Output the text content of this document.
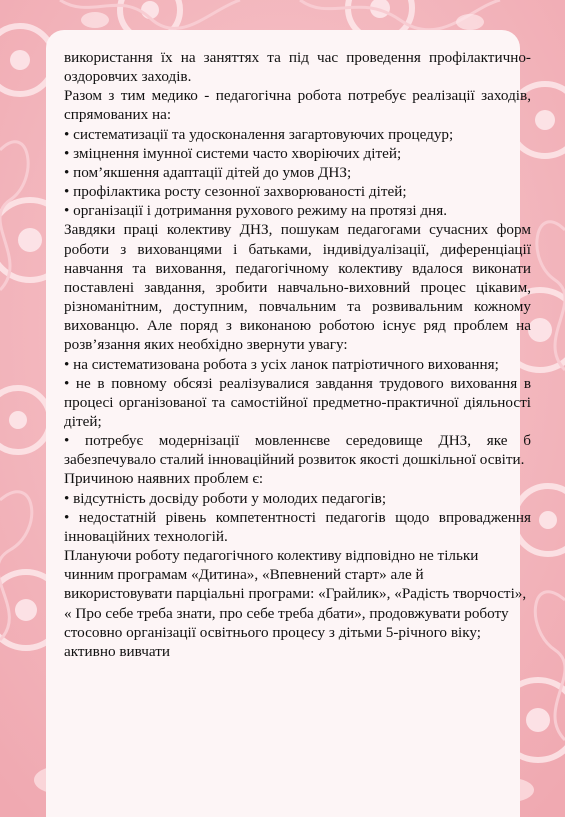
використання їх на заняттях та під час проведення профілактично-оздоровчих заходів.

Разом з тим медико - педагогічна робота потребує реалізації заходів, спрямованих на:

• систематизації та удосконалення загартовуючих процедур;
• зміцнення імунної системи часто хворіючих дітей;
• пом’якшення адаптації дітей до умов ДНЗ;
• профілактика росту сезонної захворюваності дітей;
• організації і дотримання рухового режиму на протязі дня.

Завдяки праці колективу ДНЗ, пошукам педагогами сучасних форм роботи з вихованцями і батьками, індивідуалізації, диференціації навчання та виховання, педагогічному колективу вдалося виконати поставлені завдання, зробити навчально-виховний процес цікавим, різноманітним, доступним, повчальним та розвивальним кожному вихованцю. Але поряд з виконаною роботою існує ряд проблем на розв’язання яких необхідно звернути увагу:

• на систематизована робота з усіх ланок патріотичного виховання;
• не в повному обсязі реалізувалися завдання трудового виховання в процесі організованої та самостійної предметно-практичної діяльності дітей;
• потребує модернізації мовленнєве середовище ДНЗ, яке б забезпечувало сталий інноваційний розвиток якості дошкільної освіти.

Причиною наявних проблем є:

• відсутність досвіду роботи у молодих педагогів;
• недостатній рівень компетентності педагогів щодо впровадження інноваційних технологій.

Плануючи роботу педагогічного колективу відповідно не тільки чинним програмам «Дитина», «Впевнений старт» але й використовувати парціальні програми: «Грайлик», «Радість творчості», « Про себе треба знати, про себе треба дбати», продовжувати роботу стосовно організації освітнього процесу з дітьми 5-річного віку; активно вивчати
